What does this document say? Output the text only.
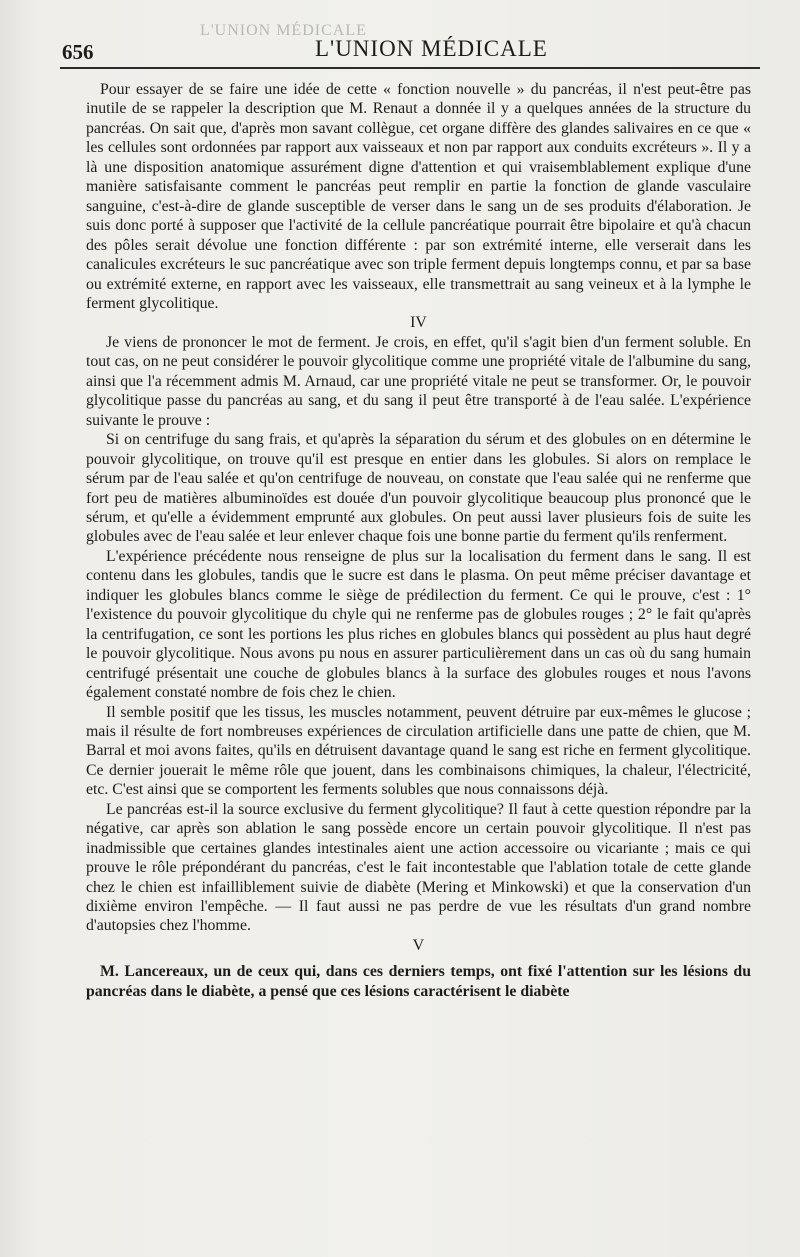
L'UNION MÉDICALE
656	L'UNION MÉDICALE

Pour essayer de se faire une idée de cette « fonction nouvelle » du pancréas, il n'est peut-être pas inutile de se rappeler la description que M. Renaut a donnée il y a quelques années de la structure du pancréas. On sait que, d'après mon savant collègue, cet organe diffère des glandes salivaires en ce que « les cellules sont ordonnées par rapport aux vaisseaux et non par rapport aux conduits excréteurs ». Il y a là une disposition anatomique assurément digne d'attention et qui vraisemblablement explique d'une manière satisfaisante comment le pancréas peut remplir en partie la fonction de glande vasculaire sanguine, c'est-à-dire de glande susceptible de verser dans le sang un de ses produits d'élaboration. Je suis donc porté à supposer que l'activité de la cellule pancréatique pourrait être bipolaire et qu'à chacun des pôles serait dévolue une fonction différente : par son extrémité interne, elle verserait dans les canalicules excréteurs le suc pancréatique avec son triple ferment depuis longtemps connu, et par sa base ou extrémité externe, en rapport avec les vaisseaux, elle transmettrait au sang veineux et à la lymphe le ferment glycolitique.

IV

Je viens de prononcer le mot de ferment. Je crois, en effet, qu'il s'agit bien d'un ferment soluble. En tout cas, on ne peut considérer le pouvoir glycolitique comme une propriété vitale de l'albumine du sang, ainsi que l'a récemment admis M. Arnaud, car une propriété vitale ne peut se transformer. Or, le pouvoir glycolitique passe du pancréas au sang, et du sang il peut être transporté à de l'eau salée. L'expérience suivante le prouve :

Si on centrifuge du sang frais, et qu'après la séparation du sérum et des globules on en détermine le pouvoir glycolitique, on trouve qu'il est presque en entier dans les globules. Si alors on remplace le sérum par de l'eau salée et qu'on centrifuge de nouveau, on constate que l'eau salée qui ne renferme que fort peu de matières albuminoïdes est douée d'un pouvoir glycolitique beaucoup plus prononcé que le sérum, et qu'elle a évidemment emprunté aux globules. On peut aussi laver plusieurs fois de suite les globules avec de l'eau salée et leur enlever chaque fois une bonne partie du ferment qu'ils renferment.

L'expérience précédente nous renseigne de plus sur la localisation du ferment dans le sang. Il est contenu dans les globules, tandis que le sucre est dans le plasma. On peut même préciser davantage et indiquer les globules blancs comme le siège de prédilection du ferment. Ce qui le prouve, c'est : 1° l'existence du pouvoir glycolitique du chyle qui ne renferme pas de globules rouges ; 2° le fait qu'après la centrifugation, ce sont les portions les plus riches en globules blancs qui possèdent au plus haut degré le pouvoir glycolitique. Nous avons pu nous en assurer particulièrement dans un cas où du sang humain centrifugé présentait une couche de globules blancs à la surface des globules rouges et nous l'avons également constaté nombre de fois chez le chien.

Il semble positif que les tissus, les muscles notamment, peuvent détruire par eux-mêmes le glucose ; mais il résulte de fort nombreuses expériences de circulation artificielle dans une patte de chien, que M. Barral et moi avons faites, qu'ils en détruisent davantage quand le sang est riche en ferment glycolitique. Ce dernier jouerait le même rôle que jouent, dans les combinaisons chimiques, la chaleur, l'électricité, etc. C'est ainsi que se comportent les ferments solubles que nous connaissons déjà.

Le pancréas est-il la source exclusive du ferment glycolitique? Il faut à cette question répondre par la négative, car après son ablation le sang possède encore un certain pouvoir glycolitique. Il n'est pas inadmissible que certaines glandes intestinales aient une action accessoire ou vicariante ; mais ce qui prouve le rôle prépondérant du pancréas, c'est le fait incontestable que l'ablation totale de cette glande chez le chien est infailliblement suivie de diabète (Mering et Minkowski) et que la conservation d'un dixième environ l'empêche. — Il faut aussi ne pas perdre de vue les résultats d'un grand nombre d'autopsies chez l'homme.

V

M. Lancereaux, un de ceux qui, dans ces derniers temps, ont fixé l'attention sur les lésions du pancréas dans le diabète, a pensé que ces lésions caractérisent le diabète
